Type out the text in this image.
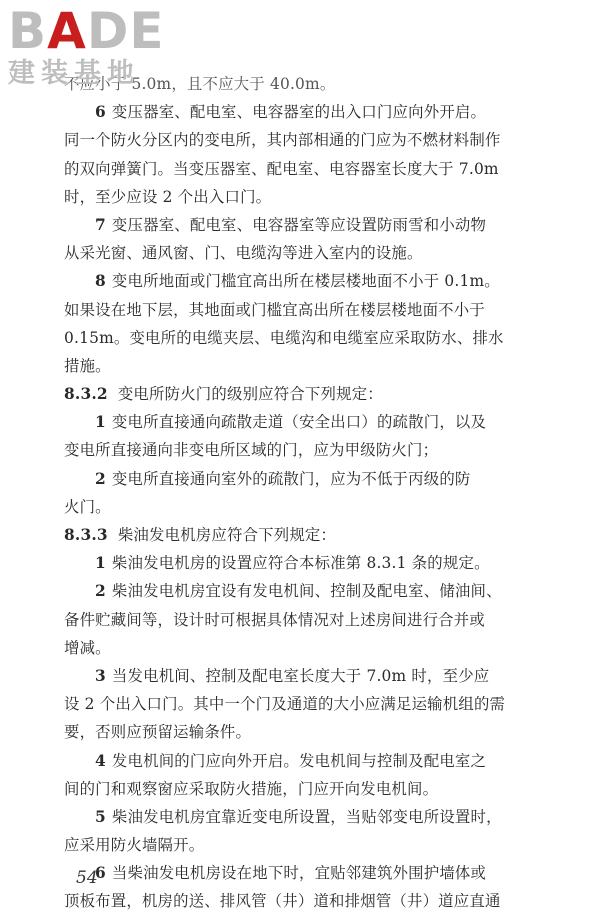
BADE
建装基地
不应小于 5.0m，且不应大于 40.0m。
6 变压器室、配电室、电容器室的出入口门应向外开启。
同一个防火分区内的变电所，其内部相通的门应为不燃材料制作
的双向弹簧门。当变压器室、配电室、电容器室长度大于 7.0m
时，至少应设 2 个出入口门。
7 变压器室、配电室、电容器室等应设置防雨雪和小动物
从采光窗、通风窗、门、电缆沟等进入室内的设施。
8 变电所地面或门槛宜高出所在楼层楼地面不小于 0.1m。
如果设在地下层，其地面或门槛宜高出所在楼层楼地面不小于
0.15m。变电所的电缆夹层、电缆沟和电缆室应采取防水、排水
措施。
8.3.2 变电所防火门的级别应符合下列规定：
1 变电所直接通向疏散走道（安全出口）的疏散门，以及
变电所直接通向非变电所区域的门，应为甲级防火门；
2 变电所直接通向室外的疏散门，应为不低于丙级的防
火门。
8.3.3 柴油发电机房应符合下列规定：
1 柴油发电机房的设置应符合本标准第 8.3.1 条的规定。
2 柴油发电机房宜设有发电机间、控制及配电室、储油间、
备件贮藏间等，设计时可根据具体情况对上述房间进行合并或
增减。
3 当发电机间、控制及配电室长度大于 7.0m 时，至少应
设 2 个出入口门。其中一个门及通道的大小应满足运输机组的需
要，否则应预留运输条件。
4 发电机间的门应向外开启。发电机间与控制及配电室之
间的门和观察窗应采取防火措施，门应开向发电机间。
5 柴油发电机房宜靠近变电所设置，当贴邻变电所设置时，
应采用防火墙隔开。
6 当柴油发电机房设在地下时，宜贴邻建筑外围护墙体或
顶板布置，机房的送、排风管（井）道和排烟管（井）道应直通
54
